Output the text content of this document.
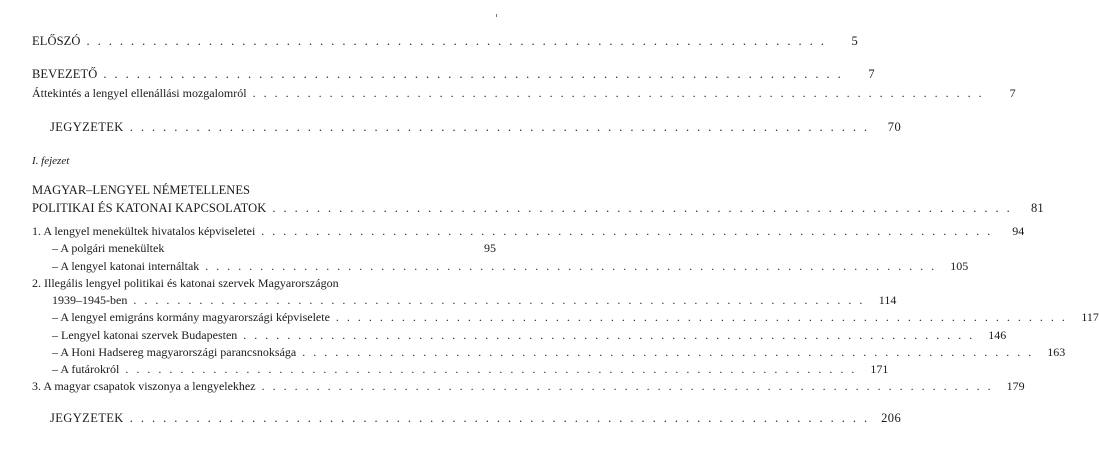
ELŐSZÓ ...................................................................	5
BEVEZETŐ ...................................................................	7
Áttekintés a lengyel ellenállási mozgalomról ...................................................................	7
JEGYZETEK ...................................................................	70
I. fejezet
MAGYAR–LENGYEL NÉMETELLENES
POLITIKAI ÉS KATONAI KAPCSOLATOK ...................................................................	81
1. A lengyel menekültek hivatalos képviseletei ...................................................................	94
– A polgári menekültek	95
– A lengyel katonai internáltak ................................................................... 105
2. Illegális lengyel politikai és katonai szervek Magyarországon
1939–1945-ben ................................................................... 114
– A lengyel emigráns kormány magyarországi képviselete ................................................................... 117
– Lengyel katonai szervek Budapesten ................................................................... 146
– A Honi Hadsereg magyarországi parancsnoksága ................................................................... 163
– A futárokról ................................................................... 171
3. A magyar csapatok viszonya a lengyelekhez ................................................................... 179
JEGYZETEK ................................................................... 206
